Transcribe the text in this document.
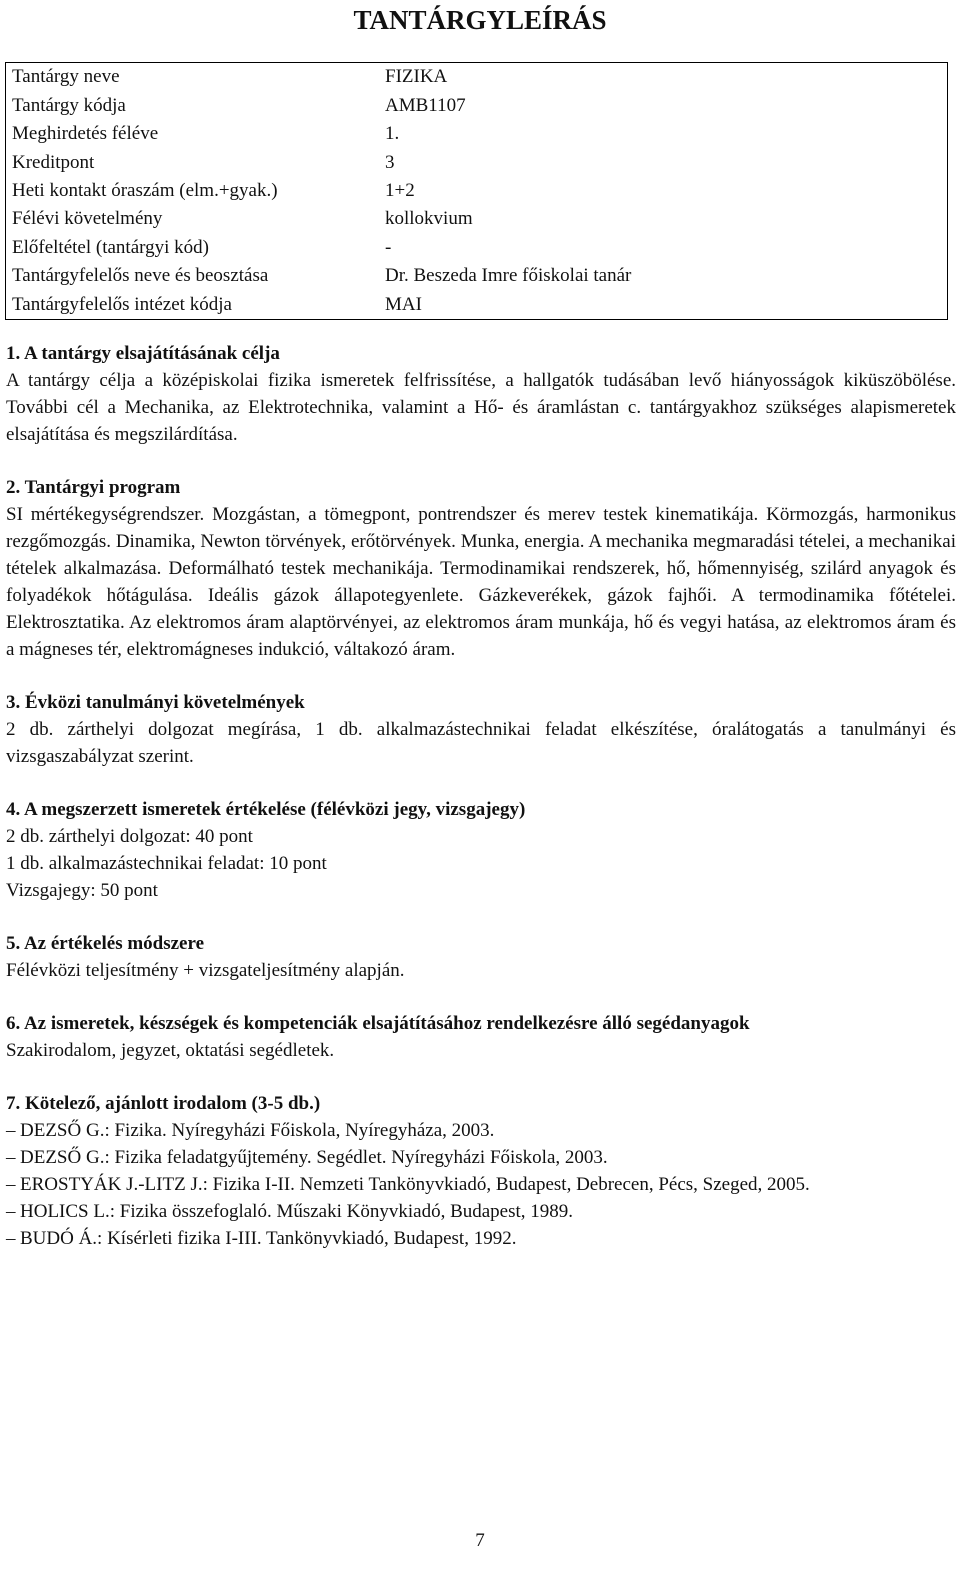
TANTÁRGYLEÍRÁS
Tantárgy neve	FIZIKA
Tantárgy kódja	AMB1107
Meghirdetés féléve	1.
Kreditpont	3
Heti kontakt óraszám (elm.+gyak.)	1+2
Félévi követelmény	kollokvium
Előfeltétel (tantárgyi kód)	-
Tantárgyfelelős neve és beosztása	Dr. Beszeda Imre főiskolai tanár
Tantárgyfelelős intézet kódja	MAI
1. A tantárgy elsajátításának célja

A tantárgy célja a középiskolai fizika ismeretek felfrissítése, a hallgatók tudásában levő hiányosságok kiküszöbölése. További cél a Mechanika, az Elektrotechnika, valamint a Hő- és áramlástan c. tantárgyakhoz szükséges alapismeretek elsajátítása és megszilárdítása.

2. Tantárgyi program

SI mértékegységrendszer. Mozgástan, a tömegpont, pontrendszer és merev testek kinematikája. Körmozgás, harmonikus rezgőmozgás. Dinamika, Newton törvények, erőtörvények. Munka, energia. A mechanika megmaradási tételei, a mechanikai tételek alkalmazása. Deformálható testek mechanikája. Termodinamikai rendszerek, hő, hőmennyiség, szilárd anyagok és folyadékok hőtágulása. Ideális gázok állapotegyenlete. Gázkeverékek, gázok fajhői. A termodinamika főtételei. Elektrosztatika. Az elektromos áram alaptörvényei, az elektromos áram munkája, hő és vegyi hatása, az elektromos áram és a mágneses tér, elektromágneses indukció, váltakozó áram.

3. Évközi tanulmányi követelmények

2 db. zárthelyi dolgozat megírása, 1 db. alkalmazástechnikai feladat elkészítése, óralátogatás a tanulmányi és vizsgaszabályzat szerint.

4. A megszerzett ismeretek értékelése (félévközi jegy, vizsgajegy)

2 db. zárthelyi dolgozat: 40 pont

1 db. alkalmazástechnikai feladat: 10 pont

Vizsgajegy: 50 pont

5. Az értékelés módszere

Félévközi teljesítmény + vizsgateljesítmény alapján.

6. Az ismeretek, készségek és kompetenciák elsajátításához rendelkezésre álló segédanyagok

Szakirodalom, jegyzet, oktatási segédletek.

7. Kötelező, ajánlott irodalom (3-5 db.)
– DEZSŐ G.: Fizika. Nyíregyházi Főiskola, Nyíregyháza, 2003.
– DEZSŐ G.: Fizika feladatgyűjtemény. Segédlet. Nyíregyházi Főiskola, 2003.
– EROSTYÁK J.-LITZ J.: Fizika I-II. Nemzeti Tankönyvkiadó, Budapest, Debrecen, Pécs, Szeged, 2005.
– HOLICS L.: Fizika összefoglaló. Műszaki Könyvkiadó, Budapest, 1989.
– BUDÓ Á.: Kísérleti fizika I-III. Tankönyvkiadó, Budapest, 1992.
7
